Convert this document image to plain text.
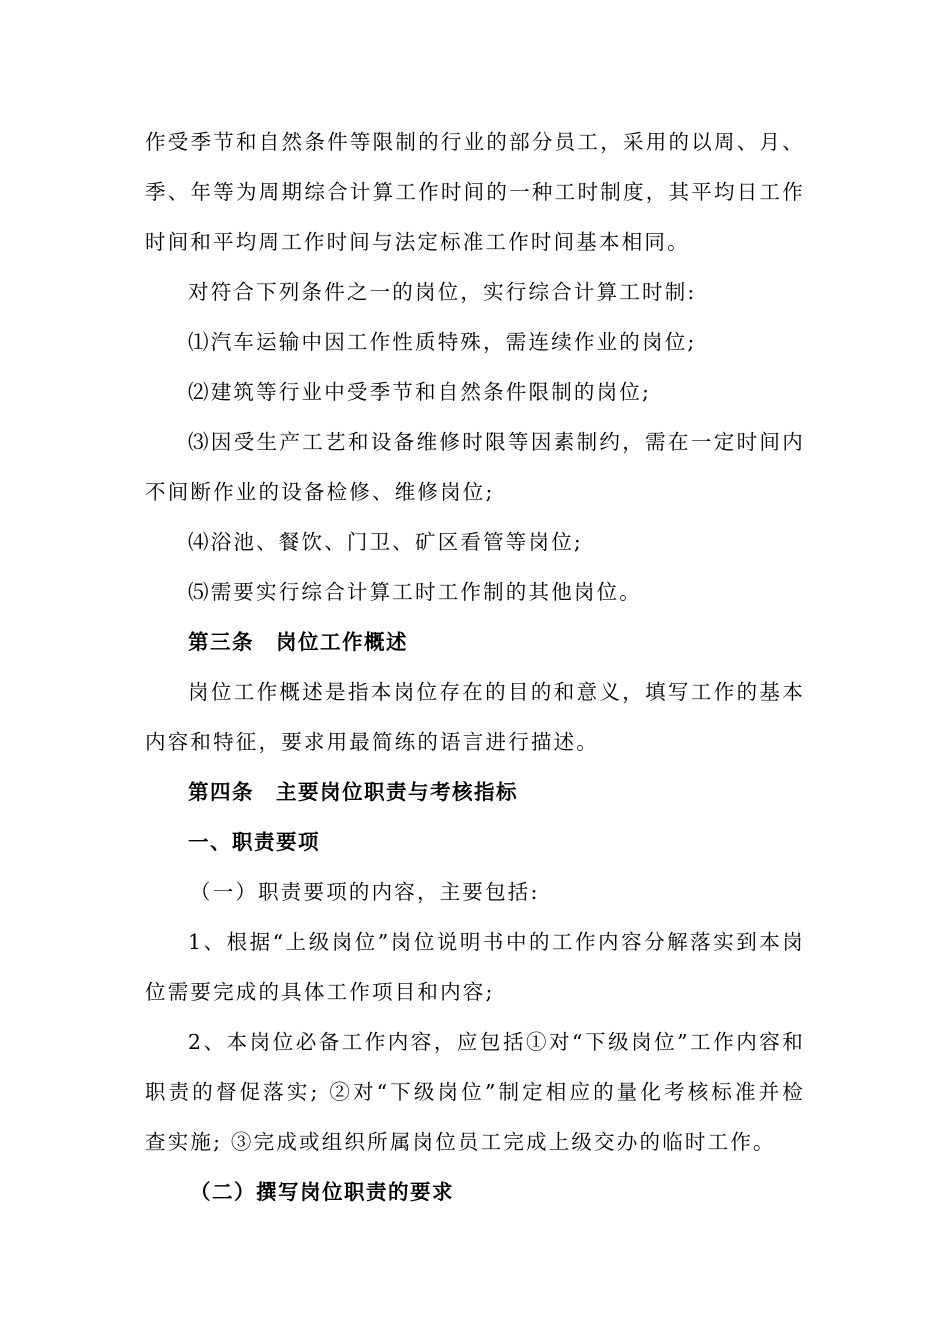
作受季节和自然条件等限制的行业的部分员工，采用的以周、月、
季、年等为周期综合计算工作时间的一种工时制度，其平均日工作
时间和平均周工作时间与法定标准工作时间基本相同。
对符合下列条件之一的岗位，实行综合计算工时制:
⑴汽车运输中因工作性质特殊，需连续作业的岗位;
⑵建筑等行业中受季节和自然条件限制的岗位;
⑶因受生产工艺和设备维修时限等因素制约，需在一定时间内
不间断作业的设备检修、维修岗位;
⑷浴池、餐饮、门卫、矿区看管等岗位;
⑸需要实行综合计算工时工作制的其他岗位。
第三条　岗位工作概述
岗位工作概述是指本岗位存在的目的和意义，填写工作的基本
内容和特征，要求用最简练的语言进行描述。
第四条　主要岗位职责与考核指标
一、职责要项
（一）职责要项的内容，主要包括:
1、根据“上级岗位”岗位说明书中的工作内容分解落实到本岗
位需要完成的具体工作项目和内容;
2、本岗位必备工作内容，应包括①对“下级岗位”工作内容和
职责的督促落实; ②对“下级岗位”制定相应的量化考核标准并检
查实施; ③完成或组织所属岗位员工完成上级交办的临时工作。
（二）撰写岗位职责的要求
